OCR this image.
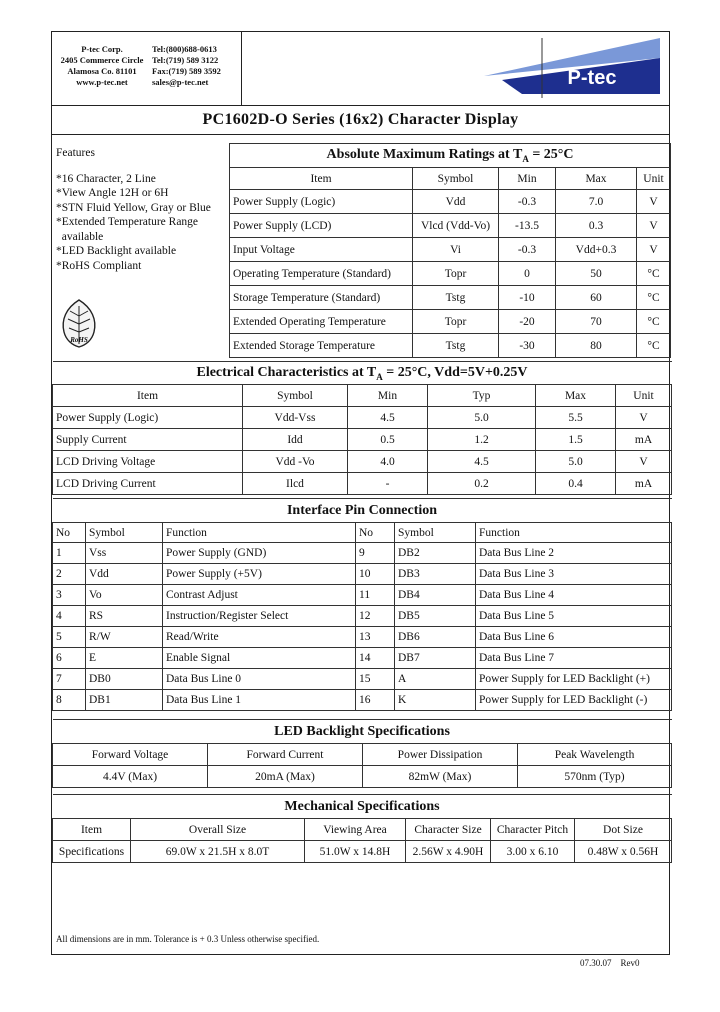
P-tec Corp.
2405 Commerce Circle
Alamosa Co. 81101
www.p-tec.net
Tel:(800)688-0613
Tel:(719) 589 3122
Fax:(719) 589 3592
sales@p-tec.net	P-tec
PC1602D-O Series (16x2) Character Display
Features
*16 Character, 2 Line
*View Angle 12H or 6H
*STN Fluid Yellow, Gray or Blue
*Extended Temperature Range
available
*LED Backlight available
*RoHS Compliant
RoHS
Absolute Maximum Ratings at $T_A = 25^\circ C$				
Item	Symbol	Min	Max	Unit
Power Supply (Logic)	Vdd	-0.3	7.0	V
Power Supply (LCD)	Vlcd (Vdd-Vo)	-13.5	0.3	V
Input Voltage	Vi	-0.3	Vdd+0.3	V
Operating Temperature (Standard)	Topr	0	50	°C
Storage Temperature (Standard)	Tstg	-10	60	°C
Extended Operating Temperature	Topr	-20	70	°C
Extended Storage Temperature	Tstg	-30	80	°C
Electrical Characteristics at $T_A = 25^\circ C$, Vdd=5V+0.25V					
Item	Symbol	Min	Typ	Max	Unit
Power Supply (Logic)	Vdd-Vss	4.5	5.0	5.5	V
Supply Current	Idd	0.5	1.2	1.5	mA
LCD Driving Voltage	Vdd -Vo	4.0	4.5	5.0	V
LCD Driving Current	Ilcd	-	0.2	0.4	mA
Interface Pin Connection					
No	Symbol	Function	No	Symbol	Function
1	Vss	Power Supply (GND)	9	DB2	Data Bus Line 2
2	Vdd	Power Supply (+5V)	10	DB3	Data Bus Line 3
3	Vo	Contrast Adjust	11	DB4	Data Bus Line 4
4	RS	Instruction/Register Select	12	DB5	Data Bus Line 5
5	R/W	Read/Write	13	DB6	Data Bus Line 6
6	E	Enable Signal	14	DB7	Data Bus Line 7
7	DB0	Data Bus Line 0	15	A	Power Supply for LED Backlight (+)
8	DB1	Data Bus Line 1	16	K	Power Supply for LED Backlight (-)
LED Backlight Specifications			
Forward Voltage	Forward Current	Power Dissipation	Peak Wavelength
4.4V (Max)	20mA (Max)	82mW (Max)	570nm (Typ)
Mechanical Specifications					
Item	Overall Size	Viewing Area	Character Size	Character Pitch	Dot Size
Specifications	69.0W x 21.5H x 8.0T	51.0W x 14.8H	2.56W x 4.90H	3.00 x 6.10	0.48W x 0.56H
All dimensions are in mm. Tolerance is + 0.3 Unless otherwise specified.
07.30.07    Rev0
